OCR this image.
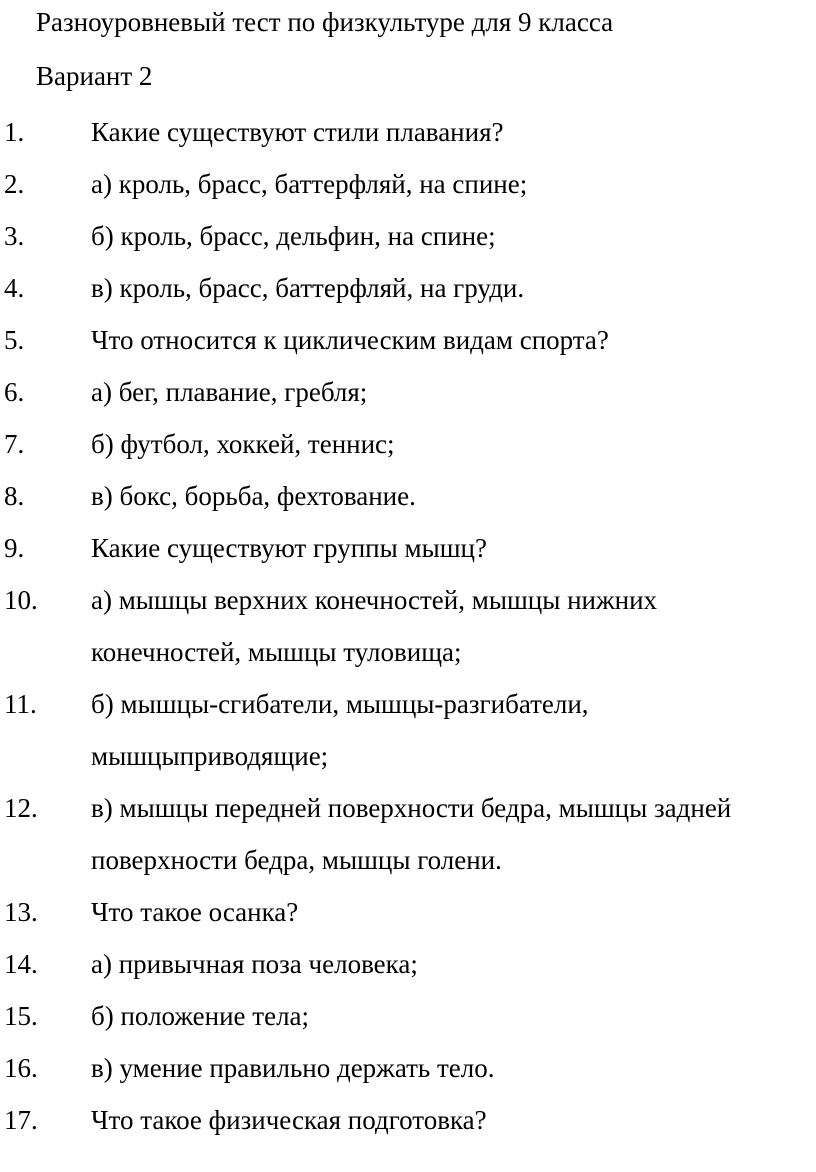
Разноуровневый тест по физкультуре для 9 класса
Вариант 2
1. Какие существуют стили плавания?
2. а) кроль, брасс, баттерфляй, на спине;
3. б) кроль, брасс, дельфин, на спине;
4. в) кроль, брасс, баттерфляй, на груди.
5. Что относится к циклическим видам спорта?
6. а) бег, плавание, гребля;
7. б) футбол, хоккей, теннис;
8. в) бокс, борьба, фехтование.
9. Какие существуют группы мышц?
10. а) мышцы верхних конечностей, мышцы нижних конечностей, мышцы туловища;
11. б) мышцы-сгибатели, мышцы-разгибатели, мышцыприводящие;
12. в) мышцы передней поверхности бедра, мышцы задней поверхности бедра, мышцы голени.
13. Что такое осанка?
14. а) привычная поза человека;
15. б) положение тела;
16. в) умение правильно держать тело.
17. Что такое физическая подготовка?
